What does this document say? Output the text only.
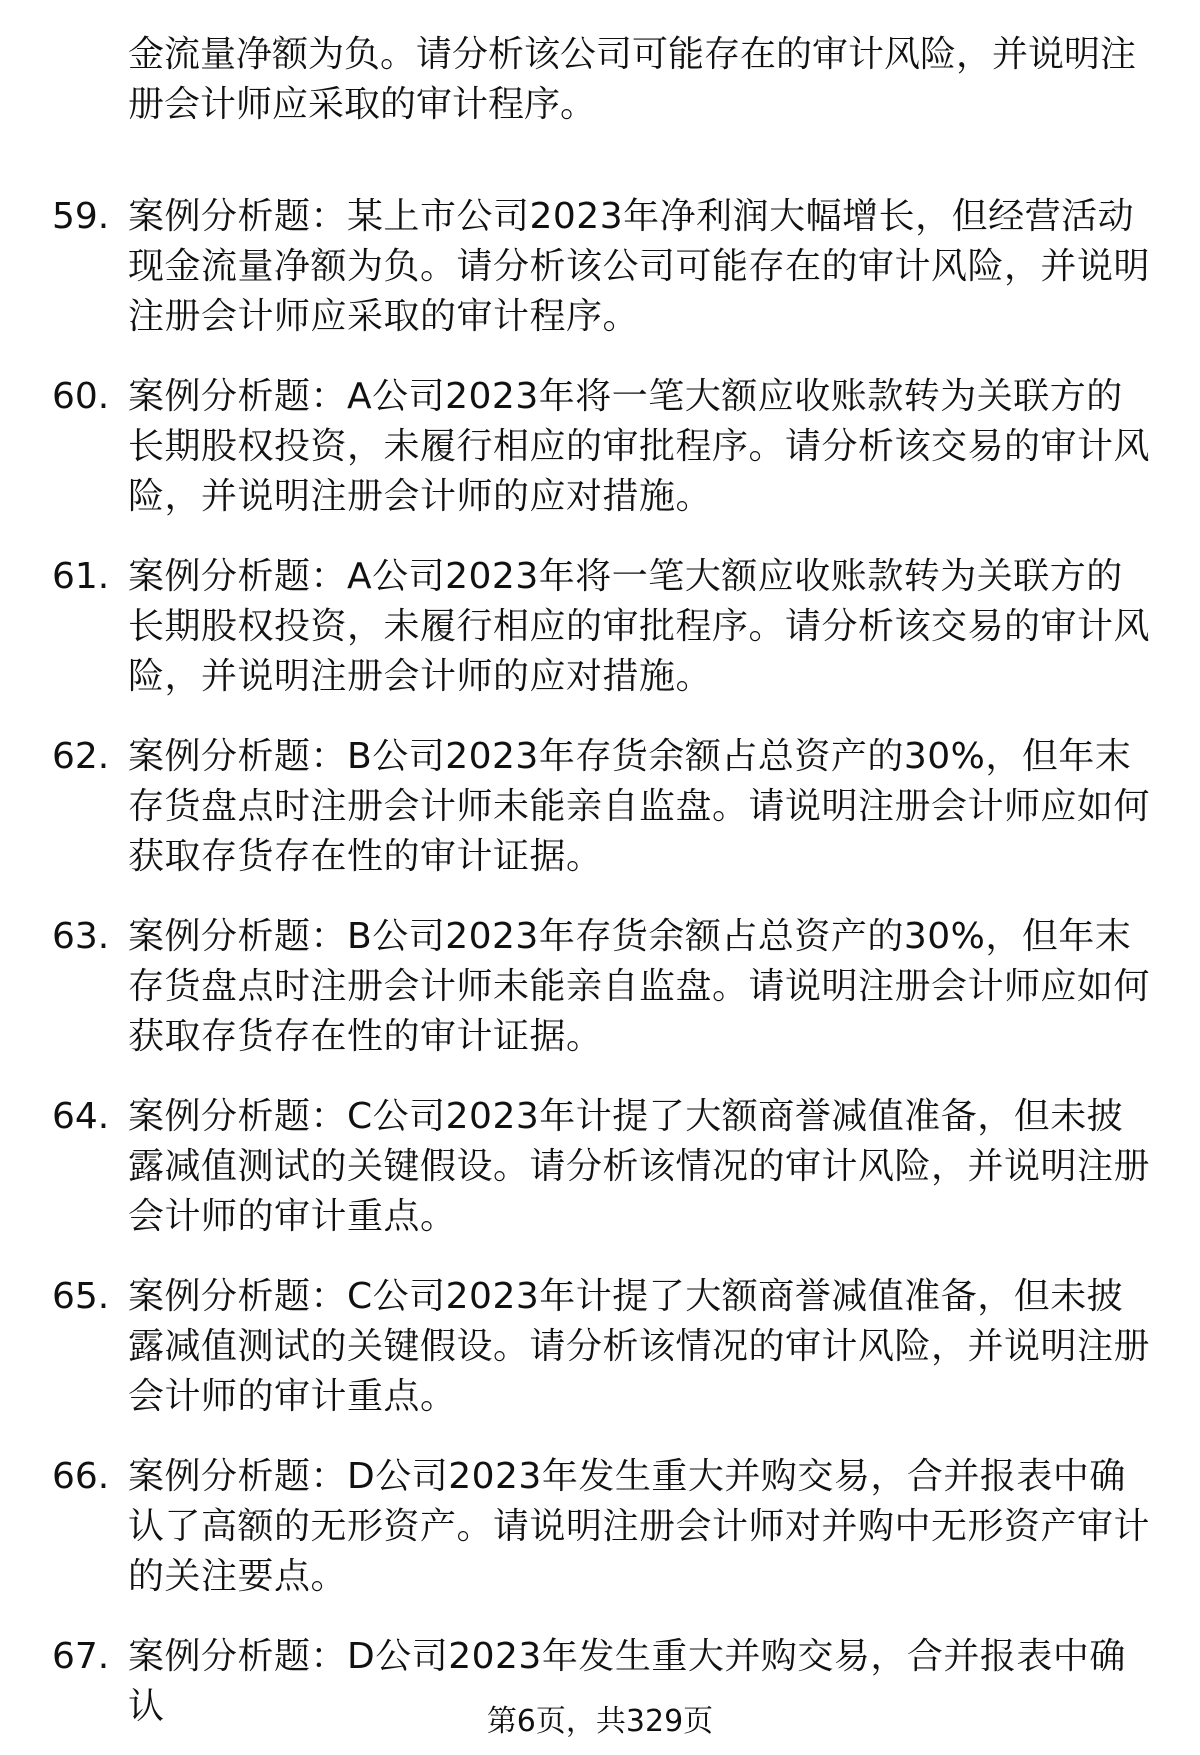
金流量净额为负。请分析该公司可能存在的审计风险，并说明注册会计师应采取的审计程序。
59. 案例分析题：某上市公司2023年净利润大幅增长，但经营活动现金流量净额为负。请分析该公司可能存在的审计风险，并说明注册会计师应采取的审计程序。
60. 案例分析题：A公司2023年将一笔大额应收账款转为关联方的长期股权投资，未履行相应的审批程序。请分析该交易的审计风险，并说明注册会计师的应对措施。
61. 案例分析题：A公司2023年将一笔大额应收账款转为关联方的长期股权投资，未履行相应的审批程序。请分析该交易的审计风险，并说明注册会计师的应对措施。
62. 案例分析题：B公司2023年存货余额占总资产的30%，但年末存货盘点时注册会计师未能亲自监盘。请说明注册会计师应如何获取存货存在性的审计证据。
63. 案例分析题：B公司2023年存货余额占总资产的30%，但年末存货盘点时注册会计师未能亲自监盘。请说明注册会计师应如何获取存货存在性的审计证据。
64. 案例分析题：C公司2023年计提了大额商誉减值准备，但未披露减值测试的关键假设。请分析该情况的审计风险，并说明注册会计师的审计重点。
65. 案例分析题：C公司2023年计提了大额商誉减值准备，但未披露减值测试的关键假设。请分析该情况的审计风险，并说明注册会计师的审计重点。
66. 案例分析题：D公司2023年发生重大并购交易，合并报表中确认了高额的无形资产。请说明注册会计师对并购中无形资产审计的关注要点。
67. 案例分析题：D公司2023年发生重大并购交易，合并报表中确认	第6页，共329页
